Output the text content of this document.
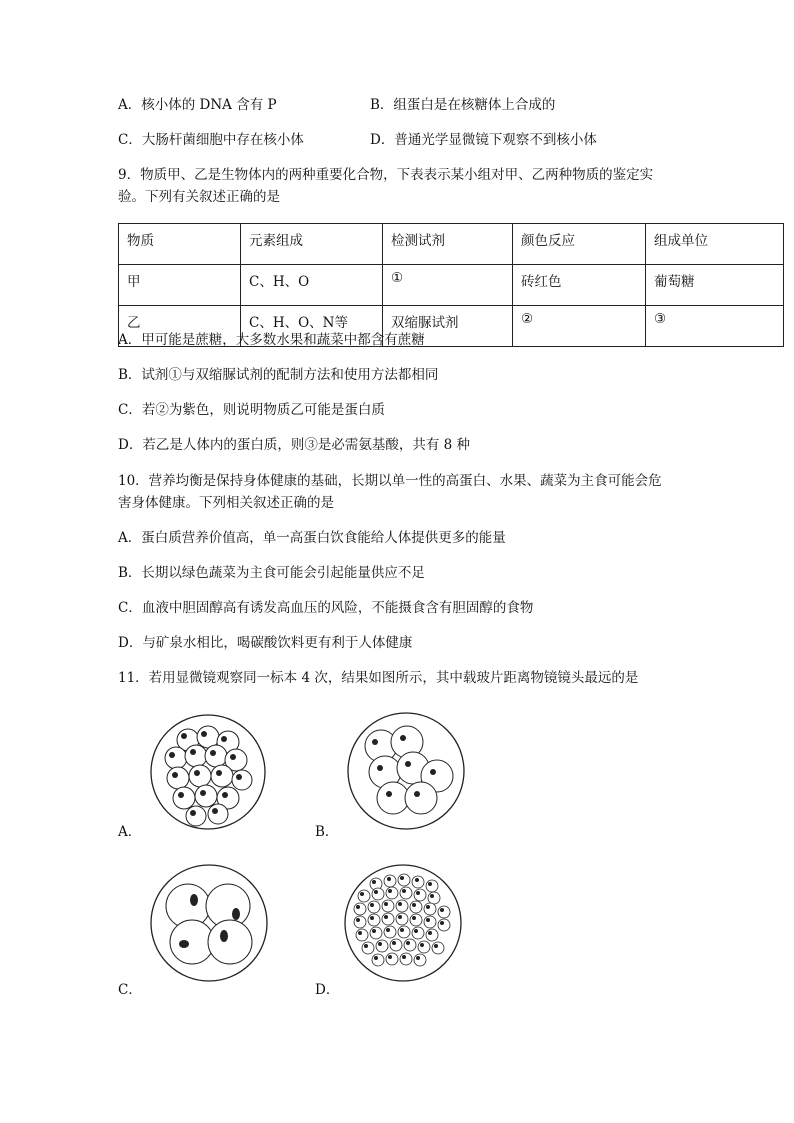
A．核小体的 DNA 含有 P	B．组蛋白是在核糖体上合成的
C．大肠杆菌细胞中存在核小体	D．普通光学显微镜下观察不到核小体
9．物质甲、乙是生物体内的两种重要化合物，下表表示某小组对甲、乙两种物质的鉴定实
验。下列有关叙述正确的是
物质	元素组成	检测试剂	颜色反应	组成单位
甲	C、H、O	①	砖红色	葡萄糖
乙	C、H、O、N等	双缩脲试剂	②	③
A．甲可能是蔗糖，大多数水果和蔬菜中都含有蔗糖
B．试剂①与双缩脲试剂的配制方法和使用方法都相同
C．若②为紫色，则说明物质乙可能是蛋白质
D．若乙是人体内的蛋白质，则③是必需氨基酸，共有 8 种
10．营养均衡是保持身体健康的基础，长期以单一性的高蛋白、水果、蔬菜为主食可能会危
害身体健康。下列相关叙述正确的是
A．蛋白质营养价值高，单一高蛋白饮食能给人体提供更多的能量
B．长期以绿色蔬菜为主食可能会引起能量供应不足
C．血液中胆固醇高有诱发高血压的风险，不能摄食含有胆固醇的食物
D．与矿泉水相比，喝碳酸饮料更有利于人体健康
11．若用显微镜观察同一标本 4 次，结果如图所示，其中载玻片距离物镜镜头最远的是
A．	B．
C．	D．
